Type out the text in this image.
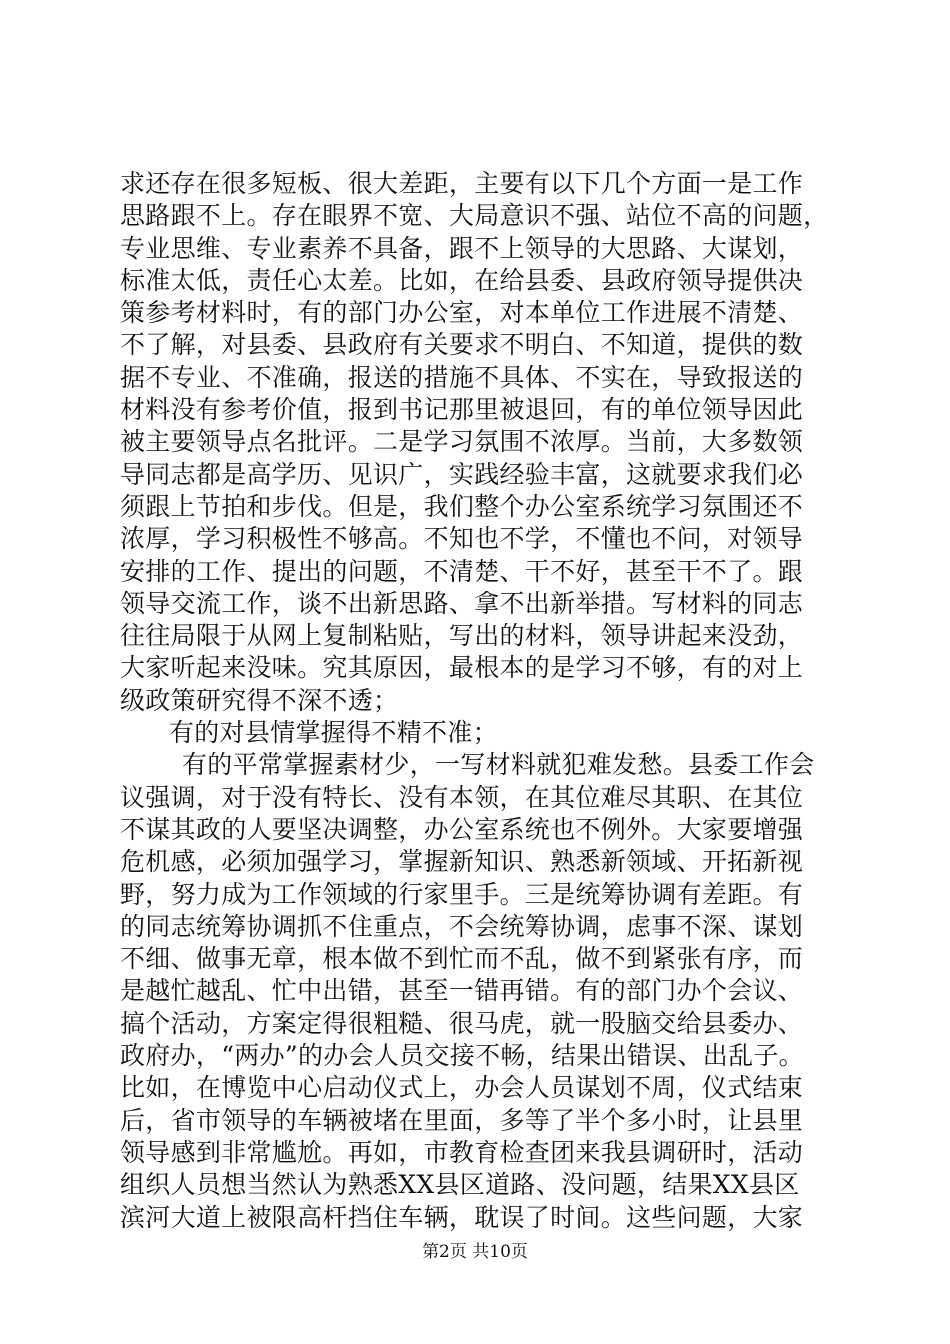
求还存在很多短板、很大差距，主要有以下几个方面一是工作
思路跟不上。存在眼界不宽、大局意识不强、站位不高的问题，
专业思维、专业素养不具备，跟不上领导的大思路、大谋划，
标准太低，责任心太差。比如，在给县委、县政府领导提供决
策参考材料时，有的部门办公室，对本单位工作进展不清楚、
不了解，对县委、县政府有关要求不明白、不知道，提供的数
据不专业、不准确，报送的措施不具体、不实在，导致报送的
材料没有参考价值，报到书记那里被退回，有的单位领导因此
被主要领导点名批评。二是学习氛围不浓厚。当前，大多数领
导同志都是高学历、见识广，实践经验丰富，这就要求我们必
须跟上节拍和步伐。但是，我们整个办公室系统学习氛围还不
浓厚，学习积极性不够高。不知也不学，不懂也不问，对领导
安排的工作、提出的问题，不清楚、干不好，甚至干不了。跟
领导交流工作，谈不出新思路、拿不出新举措。写材料的同志
往往局限于从网上复制粘贴，写出的材料，领导讲起来没劲，
大家听起来没味。究其原因，最根本的是学习不够，有的对上
级政策研究得不深不透；
有的对县情掌握得不精不准；
有的平常掌握素材少，一写材料就犯难发愁。县委工作会
议强调，对于没有特长、没有本领，在其位难尽其职、在其位
不谋其政的人要坚决调整，办公室系统也不例外。大家要增强
危机感，必须加强学习，掌握新知识、熟悉新领域、开拓新视
野，努力成为工作领域的行家里手。三是统筹协调有差距。有
的同志统筹协调抓不住重点，不会统筹协调，虑事不深、谋划
不细、做事无章，根本做不到忙而不乱，做不到紧张有序，而
是越忙越乱、忙中出错，甚至一错再错。有的部门办个会议、
搞个活动，方案定得很粗糙、很马虎，就一股脑交给县委办、
政府办，“两办”的办会人员交接不畅，结果出错误、出乱子。
比如，在博览中心启动仪式上，办会人员谋划不周，仪式结束
后，省市领导的车辆被堵在里面，多等了半个多小时，让县里
领导感到非常尴尬。再如，市教育检查团来我县调研时，活动
组织人员想当然认为熟悉XX县区道路、没问题，结果XX县区
滨河大道上被限高杆挡住车辆，耽误了时间。这些问题，大家
第2页 共10页
